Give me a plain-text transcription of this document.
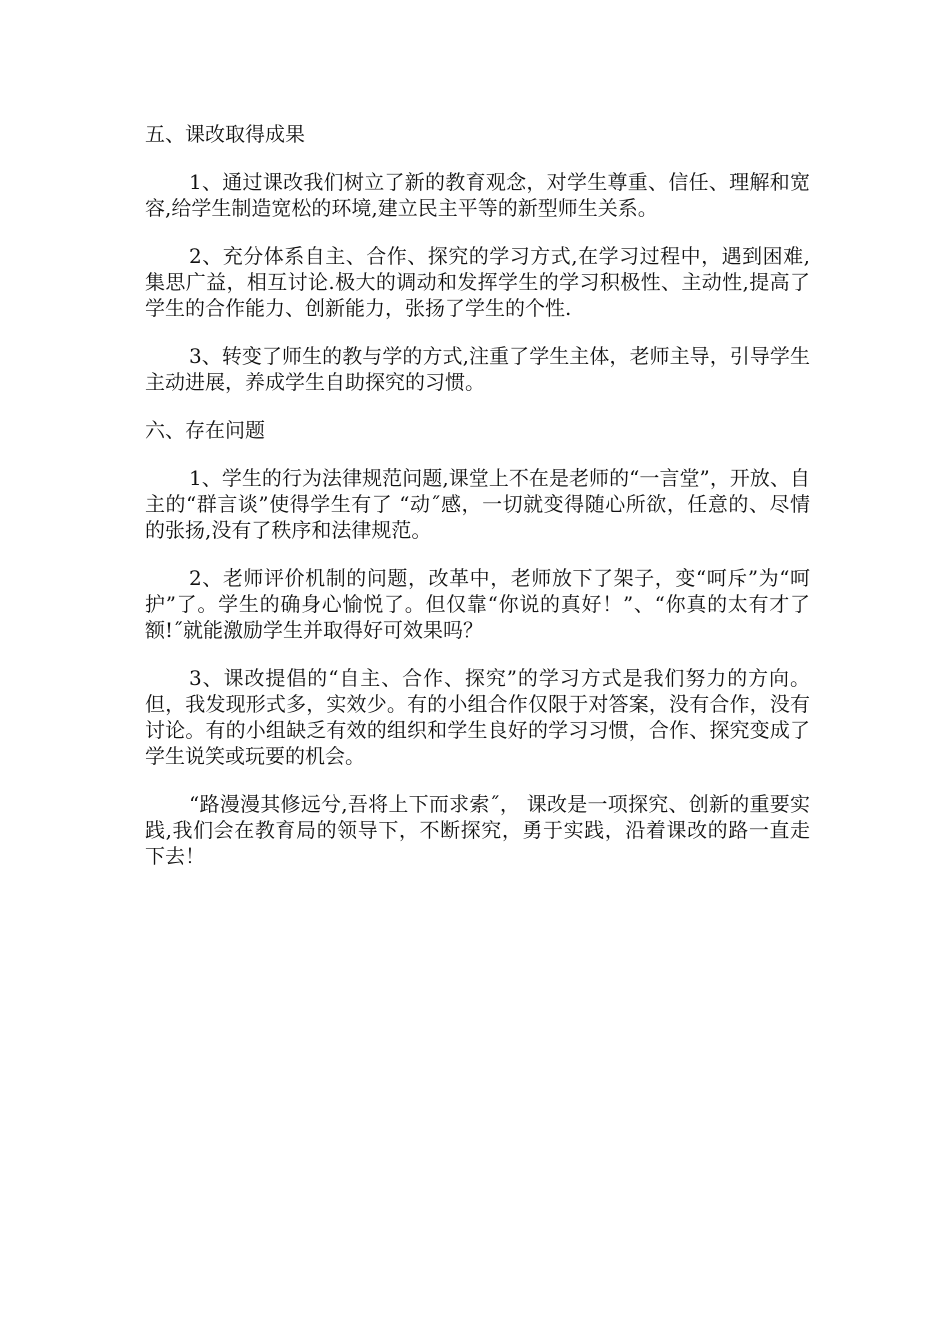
五、课改取得成果

1、通过课改我们树立了新的教育观念，对学生尊重、信任、理解和宽容,给学生制造宽松的环境,建立民主平等的新型师生关系。

2、充分体系自主、合作、探究的学习方式,在学习过程中，遇到困难,集思广益，相互讨论.极大的调动和发挥学生的学习积极性、主动性,提高了学生的合作能力、创新能力，张扬了学生的个性.

3、转变了师生的教与学的方式,注重了学生主体，老师主导，引导学生主动进展，养成学生自助探究的习惯。

六、存在问题

1、学生的行为法律规范问题,课堂上不在是老师的“一言堂”，开放、自主的“群言谈”使得学生有了 “动˝感，一切就变得随心所欲，任意的、尽情的张扬,没有了秩序和法律规范。

2、老师评价机制的问题，改革中，老师放下了架子，变“呵斥”为“呵护”了。学生的确身心愉悦了。但仅靠“你说的真好！”、“你真的太有才了额!˝就能激励学生并取得好可效果吗？

3、课改提倡的“自主、合作、探究”的学习方式是我们努力的方向。但，我发现形式多，实效少。有的小组合作仅限于对答案，没有合作，没有讨论。有的小组缺乏有效的组织和学生良好的学习习惯，合作、探究变成了学生说笑或玩要的机会。

“路漫漫其修远兮,吾将上下而求索˝， 课改是一项探究、创新的重要实践,我们会在教育局的领导下，不断探究，勇于实践，沿着课改的路一直走下去！
